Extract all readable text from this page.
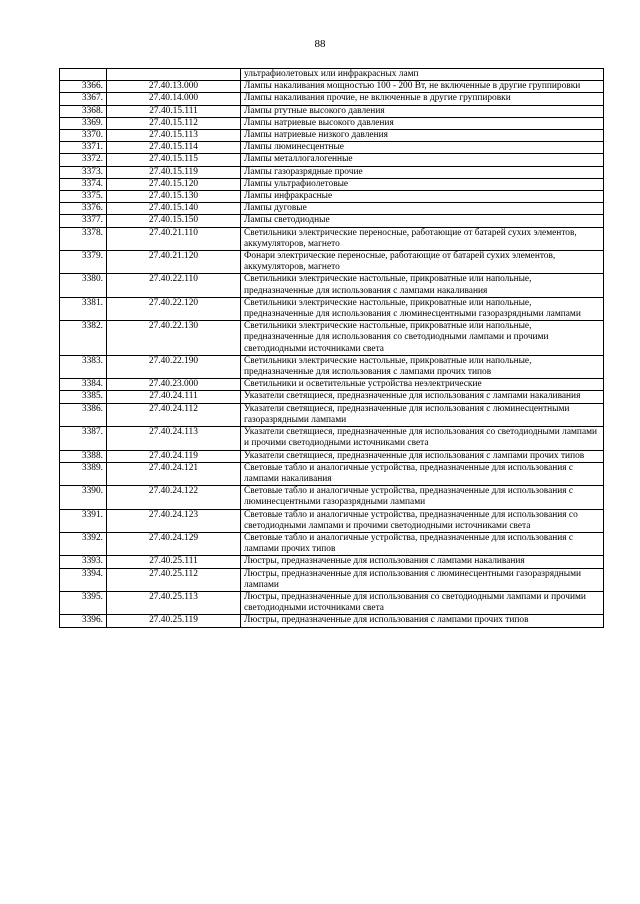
88
		ультрафиолетовых или инфракрасных ламп
3366.	27.40.13.000	Лампы накаливания мощностью 100 - 200 Вт, не включенные в другие группировки
3367.	27.40.14.000	Лампы накаливания прочие, не включенные в другие группировки
3368.	27.40.15.111	Лампы ртутные высокого давления
3369.	27.40.15.112	Лампы натриевые высокого давления
3370.	27.40.15.113	Лампы натриевые низкого давления
3371.	27.40.15.114	Лампы люминесцентные
3372.	27.40.15.115	Лампы металлогалогенные
3373.	27.40.15.119	Лампы газоразрядные прочие
3374.	27.40.15.120	Лампы ультрафиолетовые
3375.	27.40.15.130	Лампы инфракрасные
3376.	27.40.15.140	Лампы дуговые
3377.	27.40.15.150	Лампы светодиодные
3378.	27.40.21.110	Светильники электрические переносные, работающие от батарей сухих элементов, аккумуляторов, магнето
3379.	27.40.21.120	Фонари электрические переносные, работающие от батарей сухих элементов, аккумуляторов, магнето
3380.	27.40.22.110	Светильники электрические настольные, прикроватные или напольные, предназначенные для использования с лампами накаливания
3381.	27.40.22.120	Светильники электрические настольные, прикроватные или напольные, предназначенные для использования с люминесцентными газоразрядными лампами
3382.	27.40.22.130	Светильники электрические настольные, прикроватные или напольные, предназначенные для использования со светодиодными лампами и прочими светодиодными источниками света
3383.	27.40.22.190	Светильники электрические настольные, прикроватные или напольные, предназначенные для использования с лампами прочих типов
3384.	27.40.23.000	Светильники и осветительные устройства неэлектрические
3385.	27.40.24.111	Указатели светящиеся, предназначенные для использования с лампами накаливания
3386.	27.40.24.112	Указатели светящиеся, предназначенные для использования с люминесцентными газоразрядными лампами
3387.	27.40.24.113	Указатели светящиеся, предназначенные для использования со светодиодными лампами и прочими светодиодными источниками света
3388.	27.40.24.119	Указатели светящиеся, предназначенные для использования с лампами прочих типов
3389.	27.40.24.121	Световые табло и аналогичные устройства, предназначенные для использования с лампами накаливания
3390.	27.40.24.122	Световые табло и аналогичные устройства, предназначенные для использования с люминесцентными газоразрядными лампами
3391.	27.40.24.123	Световые табло и аналогичные устройства, предназначенные для использования со светодиодными лампами и прочими светодиодными источниками света
3392.	27.40.24.129	Световые табло и аналогичные устройства, предназначенные для использования с лампами прочих типов
3393.	27.40.25.111	Люстры, предназначенные для использования с лампами накаливания
3394.	27.40.25.112	Люстры, предназначенные для использования с люминесцентными газоразрядными лампами
3395.	27.40.25.113	Люстры, предназначенные для использования со светодиодными лампами и прочими светодиодными источниками света
3396.	27.40.25.119	Люстры, предназначенные для использования с лампами прочих типов
